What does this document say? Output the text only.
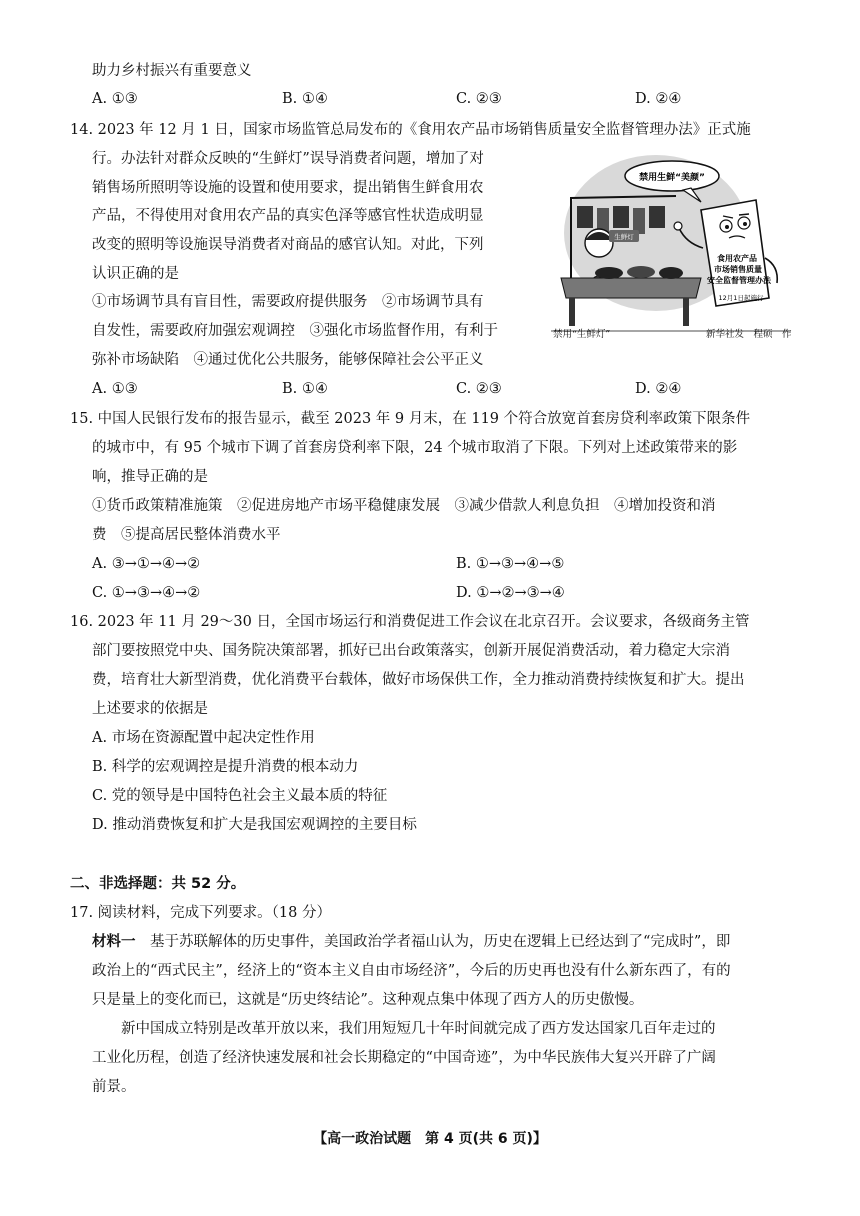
助力乡村振兴有重要意义
A. ①③	B. ①④	C. ②③	D. ②④
14. 2023 年 12 月 1 日，国家市场监管总局发布的《食用农产品市场销售质量安全监督管理办法》正式施
行。办法针对群众反映的“生鲜灯”误导消费者问题，增加了对
销售场所照明等设施的设置和使用要求，提出销售生鲜食用农
产品，不得使用对食用农产品的真实色泽等感官性状造成明显
改变的照明等设施误导消费者对商品的感官认知。对此，下列
认识正确的是
①市场调节具有盲目性，需要政府提供服务　②市场调节具有
自发性，需要政府加强宏观调控　③强化市场监督作用，有利于
弥补市场缺陷　④通过优化公共服务，能够保障社会公平正义
A. ①③	B. ①④	C. ②③	D. ②④
禁用生鲜“美颜”
食用农产品
市场销售质量
安全监督管理办法
12月1日起施行
生鲜灯
禁用“生鲜灯”	新华社发　程硕　作
15. 中国人民银行发布的报告显示，截至 2023 年 9 月末，在 119 个符合放宽首套房贷利率政策下限条件
的城市中，有 95 个城市下调了首套房贷利率下限，24 个城市取消了下限。下列对上述政策带来的影
响，推导正确的是
①货币政策精准施策　②促进房地产市场平稳健康发展　③减少借款人利息负担　④增加投资和消
费　⑤提高居民整体消费水平
A. ③→①→④→②	B. ①→③→④→⑤
C. ①→③→④→②	D. ①→②→③→④
16. 2023 年 11 月 29～30 日，全国市场运行和消费促进工作会议在北京召开。会议要求，各级商务主管
部门要按照党中央、国务院决策部署，抓好已出台政策落实，创新开展促消费活动，着力稳定大宗消
费，培育壮大新型消费，优化消费平台载体，做好市场保供工作，全力推动消费持续恢复和扩大。提出
上述要求的依据是
A. 市场在资源配置中起决定性作用
B. 科学的宏观调控是提升消费的根本动力
C. 党的领导是中国特色社会主义最本质的特征
D. 推动消费恢复和扩大是我国宏观调控的主要目标
二、非选择题：共 52 分。
17. 阅读材料，完成下列要求。（18 分）
材料一　 基于苏联解体的历史事件，美国政治学者福山认为，历史在逻辑上已经达到了“完成时”，即
政治上的“西式民主”，经济上的“资本主义自由市场经济”，今后的历史再也没有什么新东西了，有的
只是量上的变化而已，这就是“历史终结论”。这种观点集中体现了西方人的历史傲慢。
新中国成立特别是改革开放以来，我们用短短几十年时间就完成了西方发达国家几百年走过的
工业化历程，创造了经济快速发展和社会长期稳定的“中国奇迹”，为中华民族伟大复兴开辟了广阔
前景。
【高一政治试题　第 4 页(共 6 页)】
